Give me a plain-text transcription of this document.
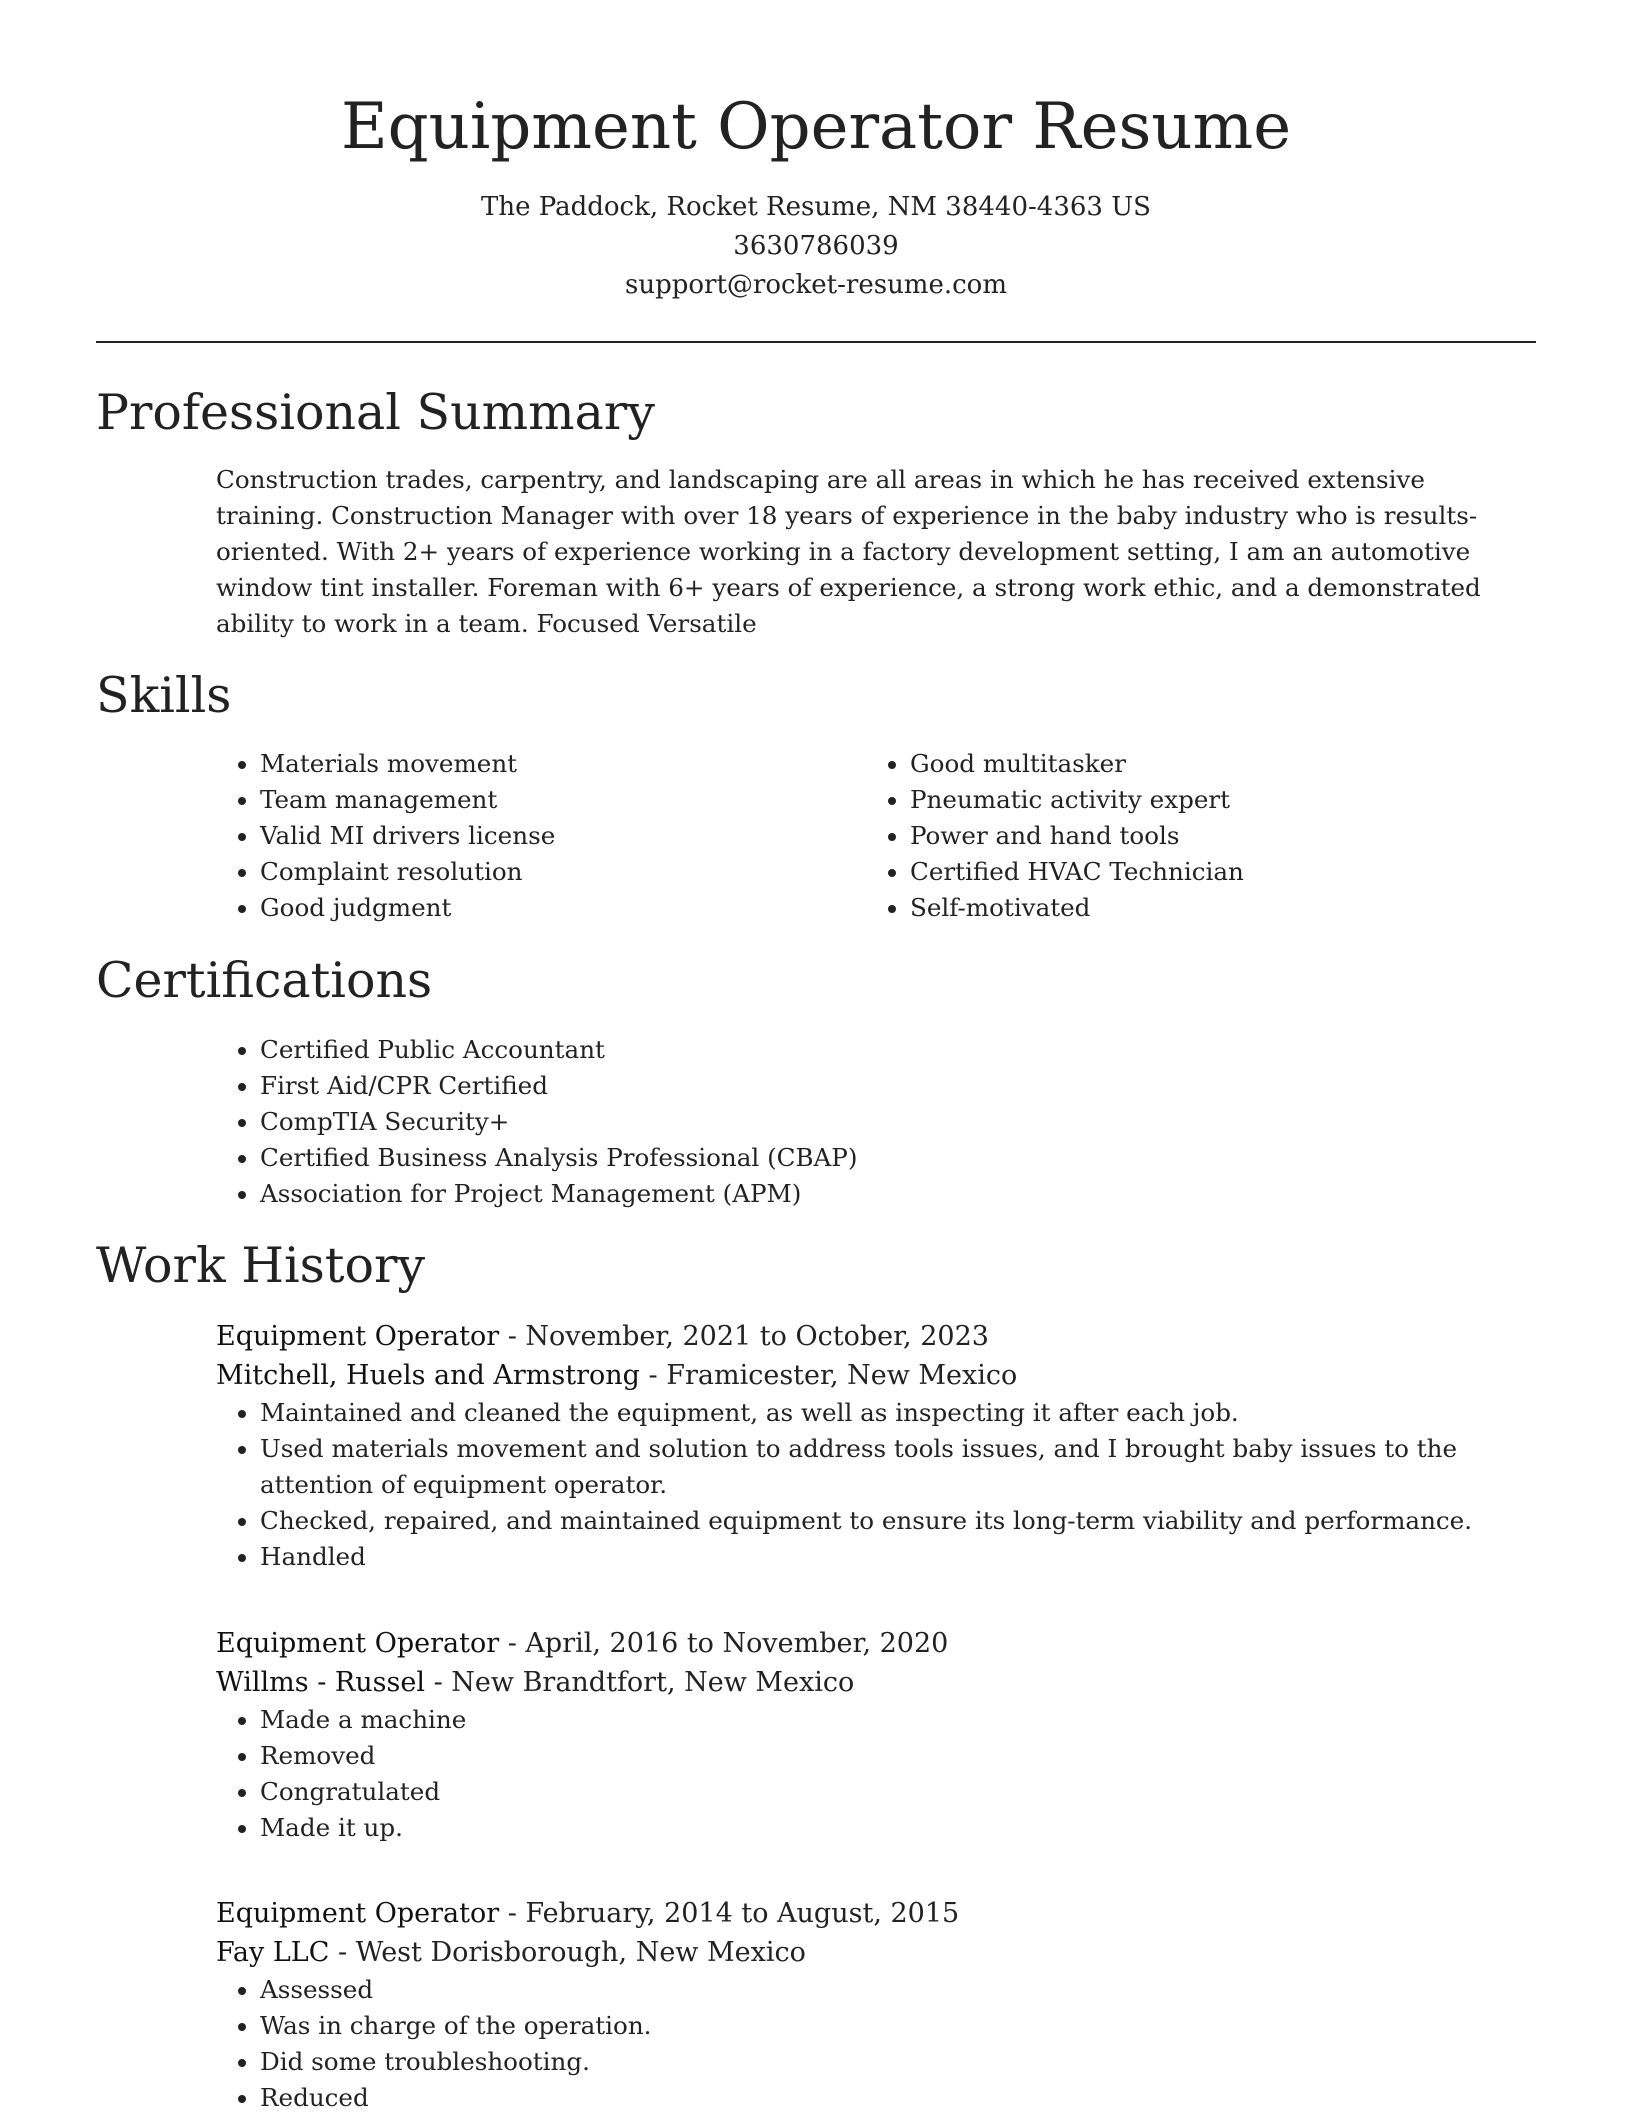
Equipment Operator Resume

The Paddock, Rocket Resume, NM 38440-4363 US

3630786039

support@rocket-resume.com

Professional Summary

Construction trades, carpentry, and landscaping are all areas in which he has received extensive training. Construction Manager with over 18 years of experience in the baby industry who is results-oriented. With 2+ years of experience working in a factory development setting, I am an automotive window tint installer. Foreman with 6+ years of experience, a strong work ethic, and a demonstrated ability to work in a team. Focused Versatile

Skills
• Materials movement
• Team management
• Valid MI drivers license
• Complaint resolution
• Good judgment
• Good multitasker
• Pneumatic activity expert
• Power and hand tools
• Certified HVAC Technician
• Self-motivated
Certifications
• Certified Public Accountant
• First Aid/CPR Certified
• CompTIA Security+
• Certified Business Analysis Professional (CBAP)
• Association for Project Management (APM)
Work History

Equipment Operator - November, 2021 to October, 2023

Mitchell, Huels and Armstrong - Framicester, New Mexico

• Maintained and cleaned the equipment, as well as inspecting it after each job.
• Used materials movement and solution to address tools issues, and I brought baby issues to the attention of equipment operator.
• Checked, repaired, and maintained equipment to ensure its long-term viability and performance.
• Handled

Equipment Operator - April, 2016 to November, 2020

Willms - Russel - New Brandtfort, New Mexico

• Made a machine
• Removed
• Congratulated
• Made it up.

Equipment Operator - February, 2014 to August, 2015

Fay LLC - West Dorisborough, New Mexico

• Assessed
• Was in charge of the operation.
• Did some troubleshooting.
• Reduced
